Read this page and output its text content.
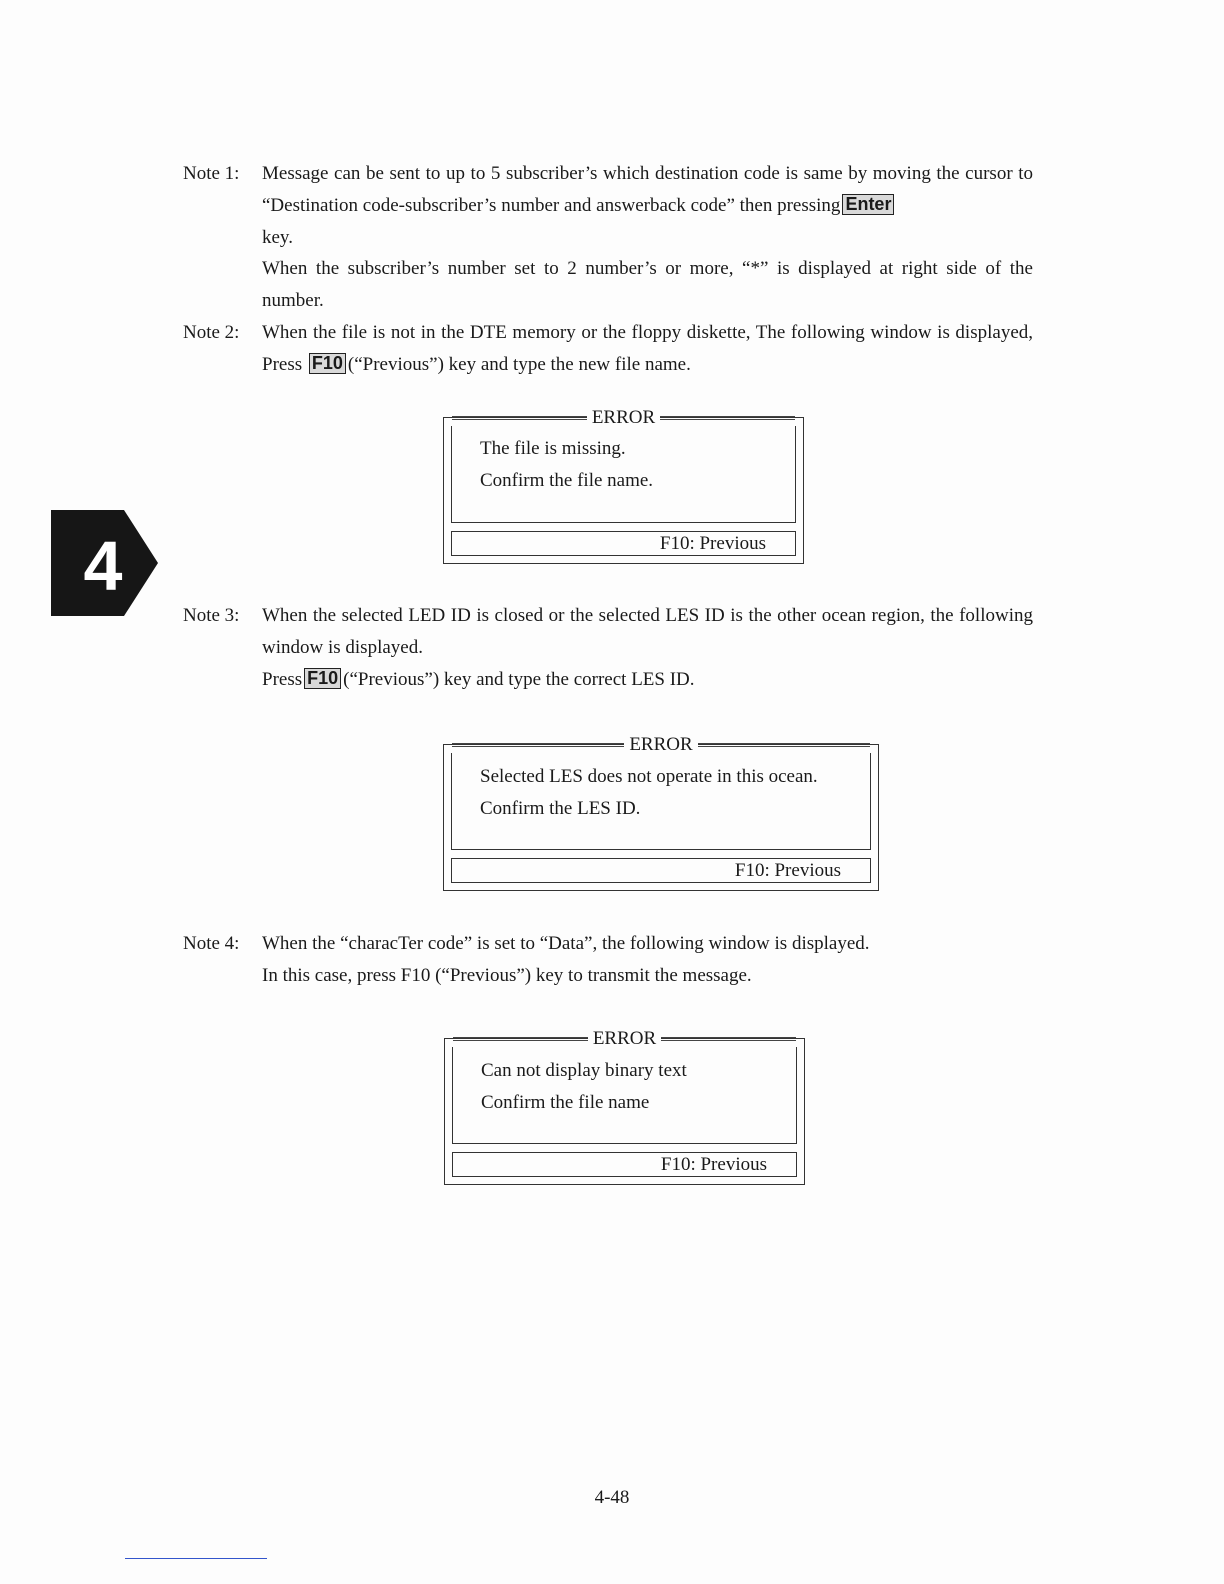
4
Note 1: Message can be sent to up to 5 subscriber’s which destination code is same by moving the cursor to “Destination code-subscriber’s number and answerback code” then pressing Enter
key.

When the subscriber’s number set to 2 number’s or more, “*” is displayed at right side of the number.

Note 2: When the file is not in the DTE memory or the floppy diskette, The following window is displayed, Press F10 (“Previous”) key and type the new file name.

ERROR
The file is missing.
Confirm the file name.
F10: Previous
Note 3: When the selected LED ID is closed or the selected LES ID is the other ocean region, the following window is displayed.

Press F10 (“Previous”) key and type the correct LES ID.

ERROR
Selected LES does not operate in this ocean.
Confirm the LES ID.
F10: Previous
Note 4: When the “characTer code” is set to “Data”, the following window is displayed.

In this case, press F10 (“Previous”) key to transmit the message.

ERROR
Can not display binary text
Confirm the file name
F10: Previous
4-48
